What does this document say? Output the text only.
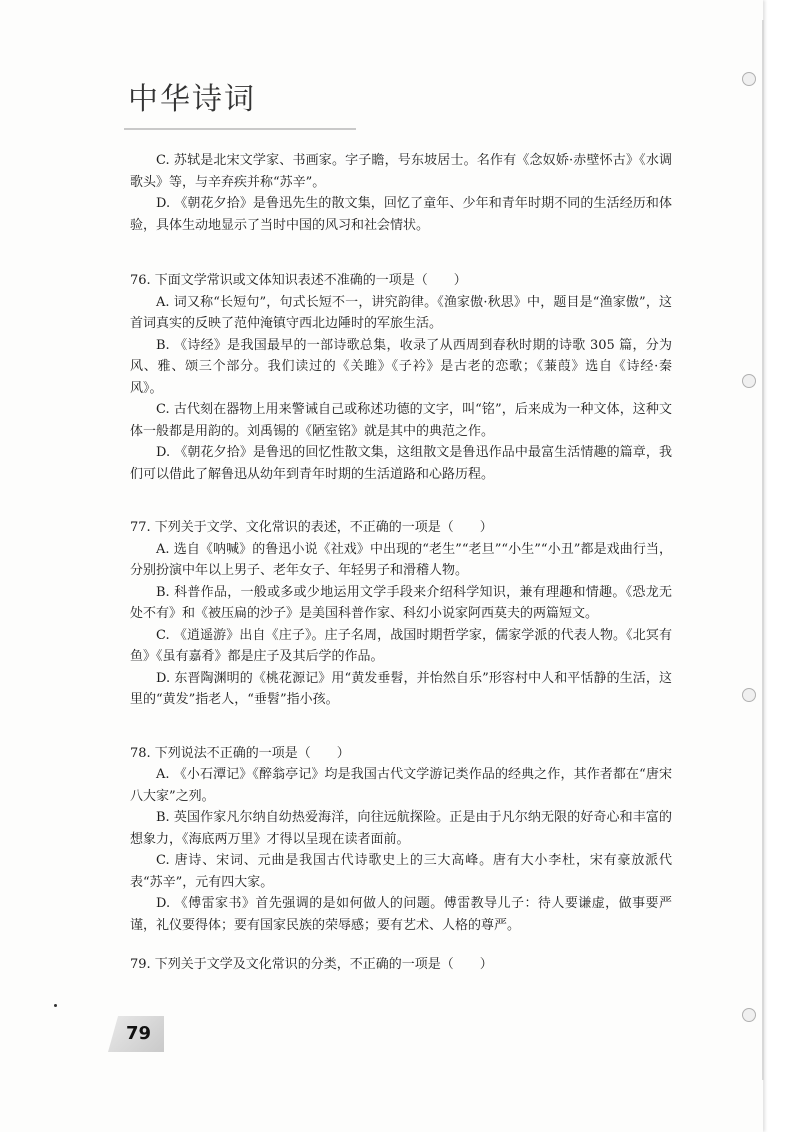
中华诗词

C. 苏轼是北宋文学家、书画家。字子瞻，号东坡居士。名作有《念奴娇·赤壁怀古》《水调歌头》等，与辛弃疾并称“苏辛”。

D. 《朝花夕拾》是鲁迅先生的散文集，回忆了童年、少年和青年时期不同的生活经历和体验，具体生动地显示了当时中国的风习和社会情状。

76. 下面文学常识或文体知识表述不准确的一项是（　　）

A. 词又称“长短句”，句式长短不一，讲究韵律。《渔家傲·秋思》中，题目是“渔家傲”，这首词真实的反映了范仲淹镇守西北边陲时的军旅生活。

B. 《诗经》是我国最早的一部诗歌总集，收录了从西周到春秋时期的诗歌 305 篇，分为风、雅、颂三个部分。我们读过的《关雎》《子衿》是古老的恋歌；《蒹葭》选自《诗经·秦风》。

C. 古代刻在器物上用来警诫自己或称述功德的文字，叫“铭”，后来成为一种文体，这种文体一般都是用韵的。刘禹锡的《陋室铭》就是其中的典范之作。

D. 《朝花夕拾》是鲁迅的回忆性散文集，这组散文是鲁迅作品中最富生活情趣的篇章，我们可以借此了解鲁迅从幼年到青年时期的生活道路和心路历程。

77. 下列关于文学、文化常识的表述，不正确的一项是（　　）

A. 选自《呐喊》的鲁迅小说《社戏》中出现的“老生”“老旦”“小生”“小丑”都是戏曲行当，分别扮演中年以上男子、老年女子、年轻男子和滑稽人物。

B. 科普作品，一般或多或少地运用文学手段来介绍科学知识，兼有理趣和情趣。《恐龙无处不有》和《被压扁的沙子》是美国科普作家、科幻小说家阿西莫夫的两篇短文。

C. 《逍遥游》出自《庄子》。庄子名周，战国时期哲学家，儒家学派的代表人物。《北冥有鱼》《虽有嘉肴》都是庄子及其后学的作品。

D. 东晋陶渊明的《桃花源记》用“黄发垂髫，并怡然自乐”形容村中人和平恬静的生活，这里的“黄发”指老人，“垂髫”指小孩。

78. 下列说法不正确的一项是（　　）

A. 《小石潭记》《醉翁亭记》均是我国古代文学游记类作品的经典之作，其作者都在“唐宋八大家”之列。

B. 英国作家凡尔纳自幼热爱海洋，向往远航探险。正是由于凡尔纳无限的好奇心和丰富的想象力，《海底两万里》才得以呈现在读者面前。

C. 唐诗、宋词、元曲是我国古代诗歌史上的三大高峰。唐有大小李杜，宋有豪放派代表“苏辛”，元有四大家。

D. 《傅雷家书》首先强调的是如何做人的问题。傅雷教导儿子：待人要谦虚，做事要严谨，礼仪要得体；要有国家民族的荣辱感；要有艺术、人格的尊严。

79. 下列关于文学及文化常识的分类，不正确的一项是（　　）

79
